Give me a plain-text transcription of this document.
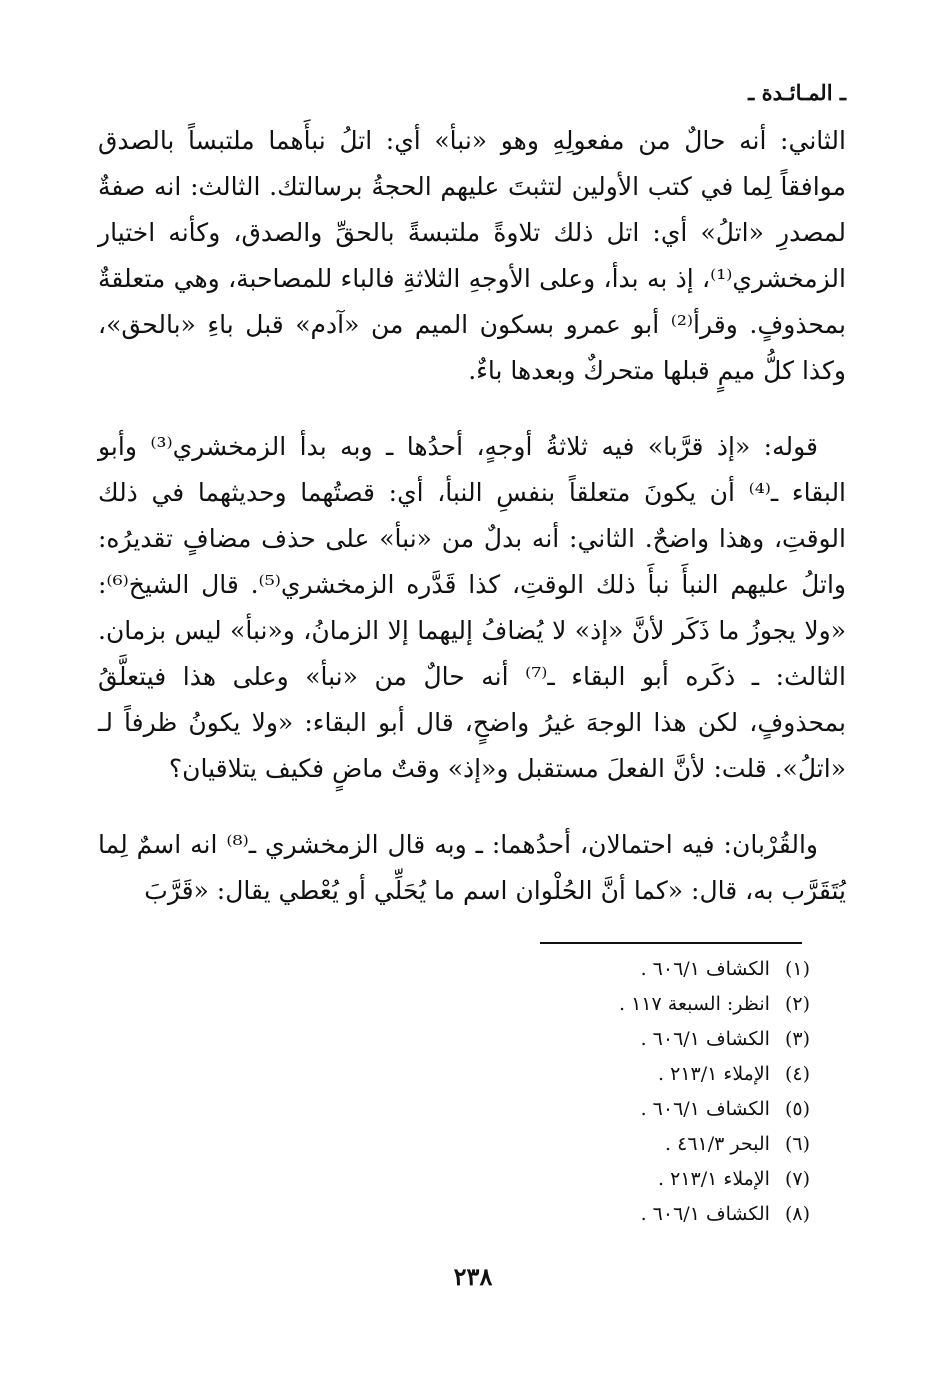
ـ المـائـدة ـ

الثاني: أنه حالٌ من مفعولِهِ وهو «نبأ» أي: اتلُ نبأَهما ملتبساً بالصدق موافقاً لِما في كتب الأولين لتثبتَ عليهم الحجةُ برسالتك. الثالث: انه صفةٌ لمصدرِ «اتلُ» أي: اتل ذلك تلاوةً ملتبسةً بالحقِّ والصدق، وكأنه اختيار الزمخشري⁽¹⁾، إذ به بدأ، وعلى الأوجهِ الثلاثةِ فالباء للمصاحبة، وهي متعلقةٌ بمحذوفٍ. وقرأ⁽²⁾ أبو عمرو بسكون الميم من «آدم» قبل باءِ «بالحق»، وكذا كلُّ ميمٍ قبلها متحركٌ وبعدها باءٌ.

قوله: «إذ قرَّبا» فيه ثلاثةُ أوجهٍ، أحدُها ـ وبه بدأ الزمخشري⁽³⁾ وأبو البقاء ـ⁽⁴⁾ أن يكونَ متعلقاً بنفسِ النبأ، أي: قصتُهما وحديثهما في ذلك الوقتِ، وهذا واضحٌ. الثاني: أنه بدلٌ من «نبأ» على حذف مضافٍ تقديرُه: واتلُ عليهم النبأَ نبأَ ذلك الوقتِ، كذا قَدَّره الزمخشري⁽⁵⁾. قال الشيخ⁽⁶⁾: «ولا يجوزُ ما ذَكَر لأنَّ «إذ» لا يُضافُ إليهما إلا الزمانُ، و«نبأ» ليس بزمان. الثالث: ـ ذكَره أبو البقاء ـ⁽⁷⁾ أنه حالٌ من «نبأ» وعلى هذا فيتعلَّقُ بمحذوفٍ، لكن هذا الوجهَ غيرُ واضحٍ، قال أبو البقاء: «ولا يكونُ ظرفاً لـ «اتلُ». قلت: لأنَّ الفعلَ مستقبل و«إذ» وقتٌ ماضٍ فكيف يتلاقيان؟

والقُرْبان: فيه احتمالان، أحدُهما: ـ وبه قال الزمخشري ـ⁽⁸⁾ انه اسمٌ لِما يُتَقَرَّب به، قال: «كما أنَّ الحُلْوان اسم ما يُحَلِّي أو يُعْطي يقال: «قَرَّبَ

(١) الكشاف ٦٠٦/١ .
(٢) انظر: السبعة ١١٧ .
(٣) الكشاف ٦٠٦/١ .
(٤) الإملاء ٢١٣/١ .
(٥) الكشاف ٦٠٦/١ .
(٦) البحر ٤٦١/٣ .
(٧) الإملاء ٢١٣/١ .
(٨) الكشاف ٦٠٦/١ .
٢٣٨
